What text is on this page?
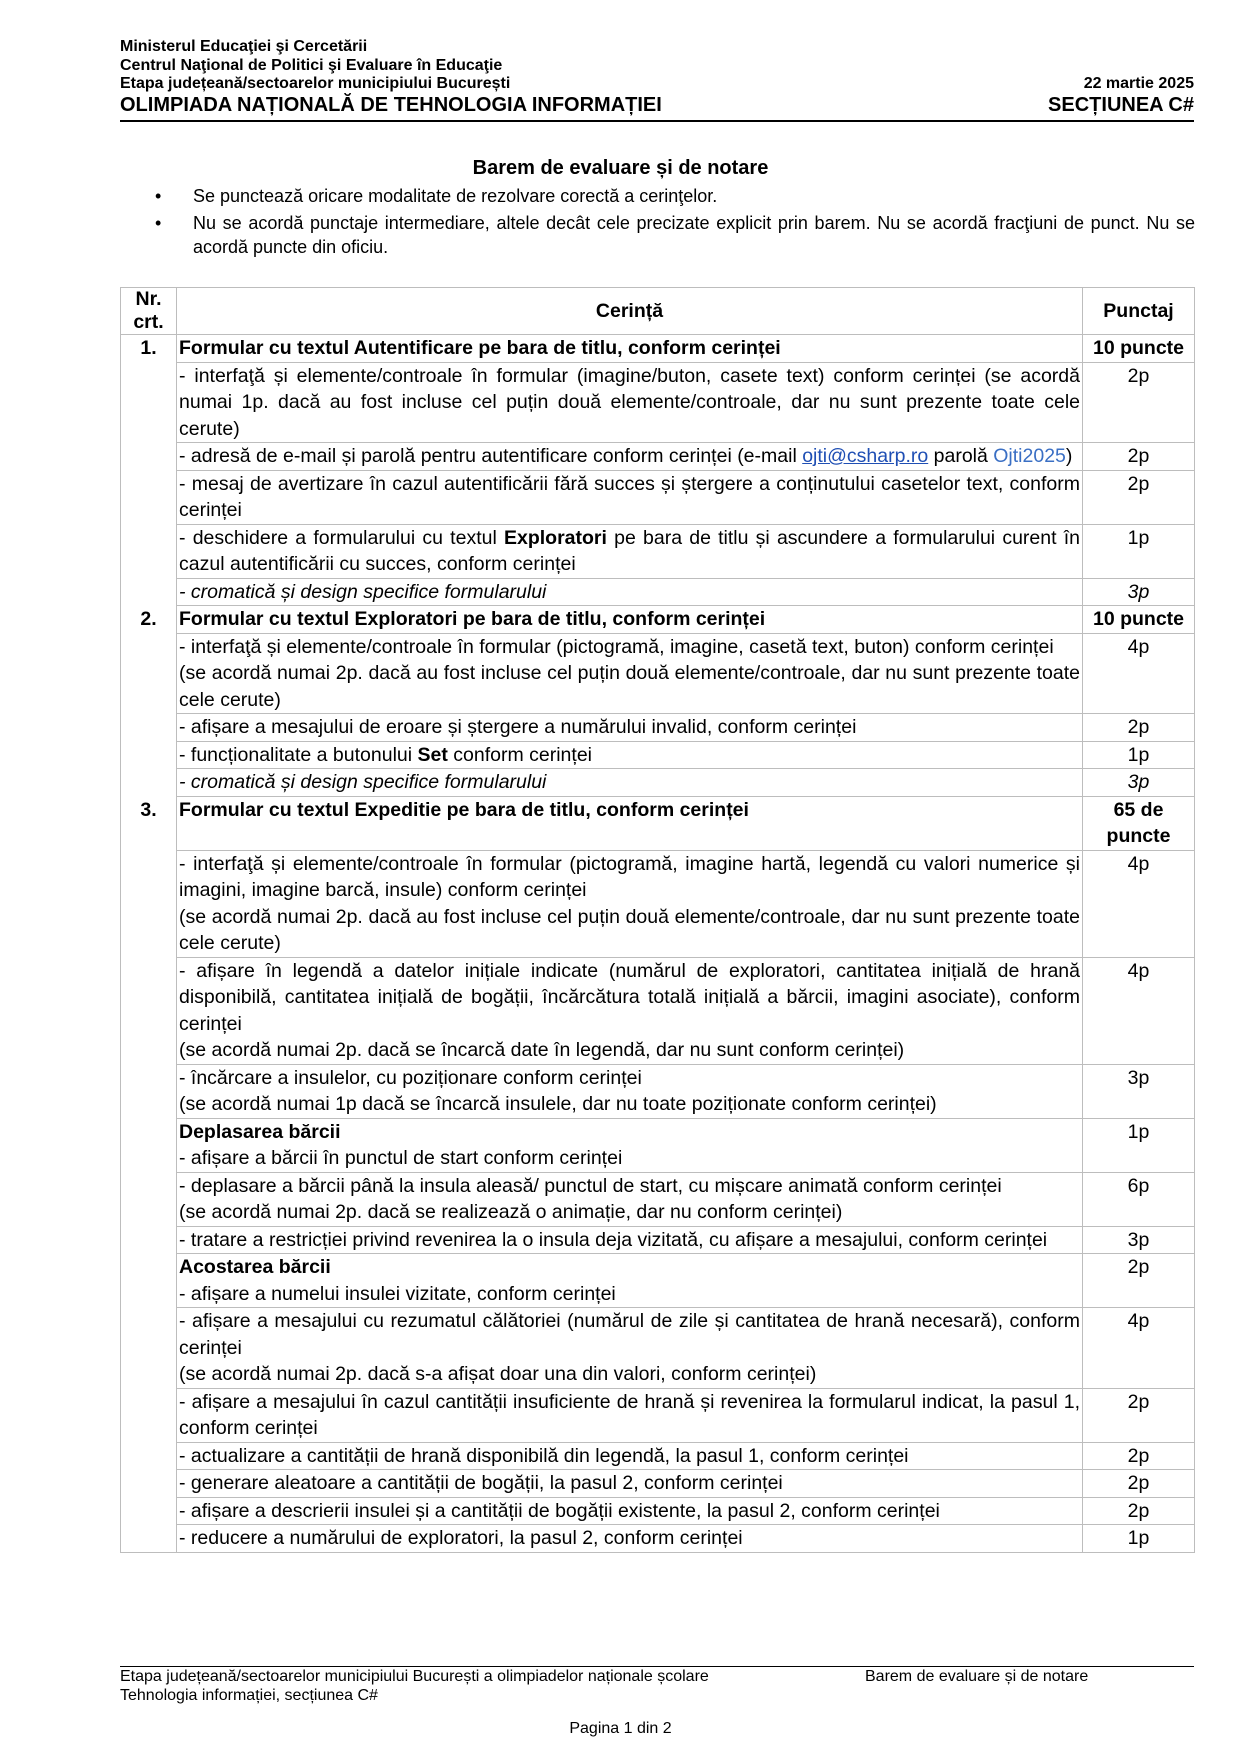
Ministerul Educaţiei şi Cercetării
Centrul Naţional de Politici şi Evaluare în Educaţie
Etapa județeană/sectoarelor municipiului București	22 martie 2025
OLIMPIADA NAȚIONALĂ DE TEHNOLOGIA INFORMAȚIEI	SECȚIUNEA C#
Barem de evaluare și de notare
• Se punctează oricare modalitate de rezolvare corectă a cerinţelor.
• Nu se acordă punctaje intermediare, altele decât cele precizate explicit prin barem. Nu se acordă fracţiuni de punct. Nu se acordă puncte din oficiu.
Nr. crt.	Cerință	Punctaj
1.	Formular cu textul Autentificare pe bara de titlu, conform cerinței	10 puncte
	- interfaţă și elemente/controale în formular (imagine/buton, casete text) conform cerinței (se acordă numai 1p. dacă au fost incluse cel puțin două elemente/controale, dar nu sunt prezente toate cele cerute)	2p
	- adresă de e-mail și parolă pentru autentificare conform cerinței (e-mail ojti@csharp.ro parolă Ojti2025)	2p
	- mesaj de avertizare în cazul autentificării fără succes și ștergere a conținutului casetelor text, conform cerinței	2p
	- deschidere a formularului cu textul Exploratori pe bara de titlu și ascundere a formularului curent în cazul autentificării cu succes, conform cerinței	1p
	- cromatică și design specifice formularului	3p
2.	Formular cu textul Exploratori pe bara de titlu, conform cerinței	10 puncte

	- interfaţă și elemente/controale în formular (pictogramă, imagine, casetă text, buton) conform cerinței
(se acordă numai 2p. dacă au fost incluse cel puțin două elemente/controale, dar nu sunt prezente toate cele cerute)	4p
	- afișare a mesajului de eroare și ștergere a numărului invalid, conform cerinței	2p
	- funcționalitate a butonului Set conform cerinței	1p
	- cromatică și design specifice formularului	3p
3.	Formular cu textul Expeditie pe bara de titlu, conform cerinței	65 de puncte

	- interfaţă și elemente/controale în formular (pictogramă, imagine hartă, legendă cu valori numerice și imagini, imagine barcă, insule) conform cerinței
(se acordă numai 2p. dacă au fost incluse cel puțin două elemente/controale, dar nu sunt prezente toate cele cerute)	4p

	- afișare în legendă a datelor inițiale indicate (numărul de exploratori, cantitatea inițială de hrană disponibilă, cantitatea inițială de bogății, încărcătura totală inițială a bărcii, imagini asociate), conform cerinței
(se acordă numai 2p. dacă se încarcă date în legendă, dar nu sunt conform cerinței)	4p

	- încărcare a insulelor, cu poziționare conform cerinței
(se acordă numai 1p dacă se încarcă insulele, dar nu toate poziționate conform cerinței)	3p

	Deplasarea bărcii
- afișare a bărcii în punctul de start conform cerinței	1p

	- deplasare a bărcii până la insula aleasă/ punctul de start, cu mișcare animată conform cerinței
(se acordă numai 2p. dacă se realizează o animație, dar nu conform cerinței)	6p
	- tratare a restricției privind revenirea la o insula deja vizitată, cu afișare a mesajului, conform cerinței	3p

	Acostarea bărcii
- afișare a numelui insulei vizitate, conform cerinței	2p

	- afișare a mesajului cu rezumatul călătoriei (numărul de zile și cantitatea de hrană necesară), conform cerinței
(se acordă numai 2p. dacă s-a afișat doar una din valori, conform cerinței)	4p
	- afișare a mesajului în cazul cantității insuficiente de hrană și revenirea la formularul indicat, la pasul 1, conform cerinței	2p
	- actualizare a cantității de hrană disponibilă din legendă, la pasul 1, conform cerinței	2p
	- generare aleatoare a cantității de bogății, la pasul 2, conform cerinței	2p
	- afișare a descrierii insulei și a cantității de bogății existente, la pasul 2, conform cerinței	2p
	- reducere a numărului de exploratori, la pasul 2, conform cerinței	1p
Etapa județeană/sectoarelor municipiului București a olimpiadelor naționale școlare	Barem de evaluare și de notare
Tehnologia informației, secțiunea C#
Pagina 1 din 2
